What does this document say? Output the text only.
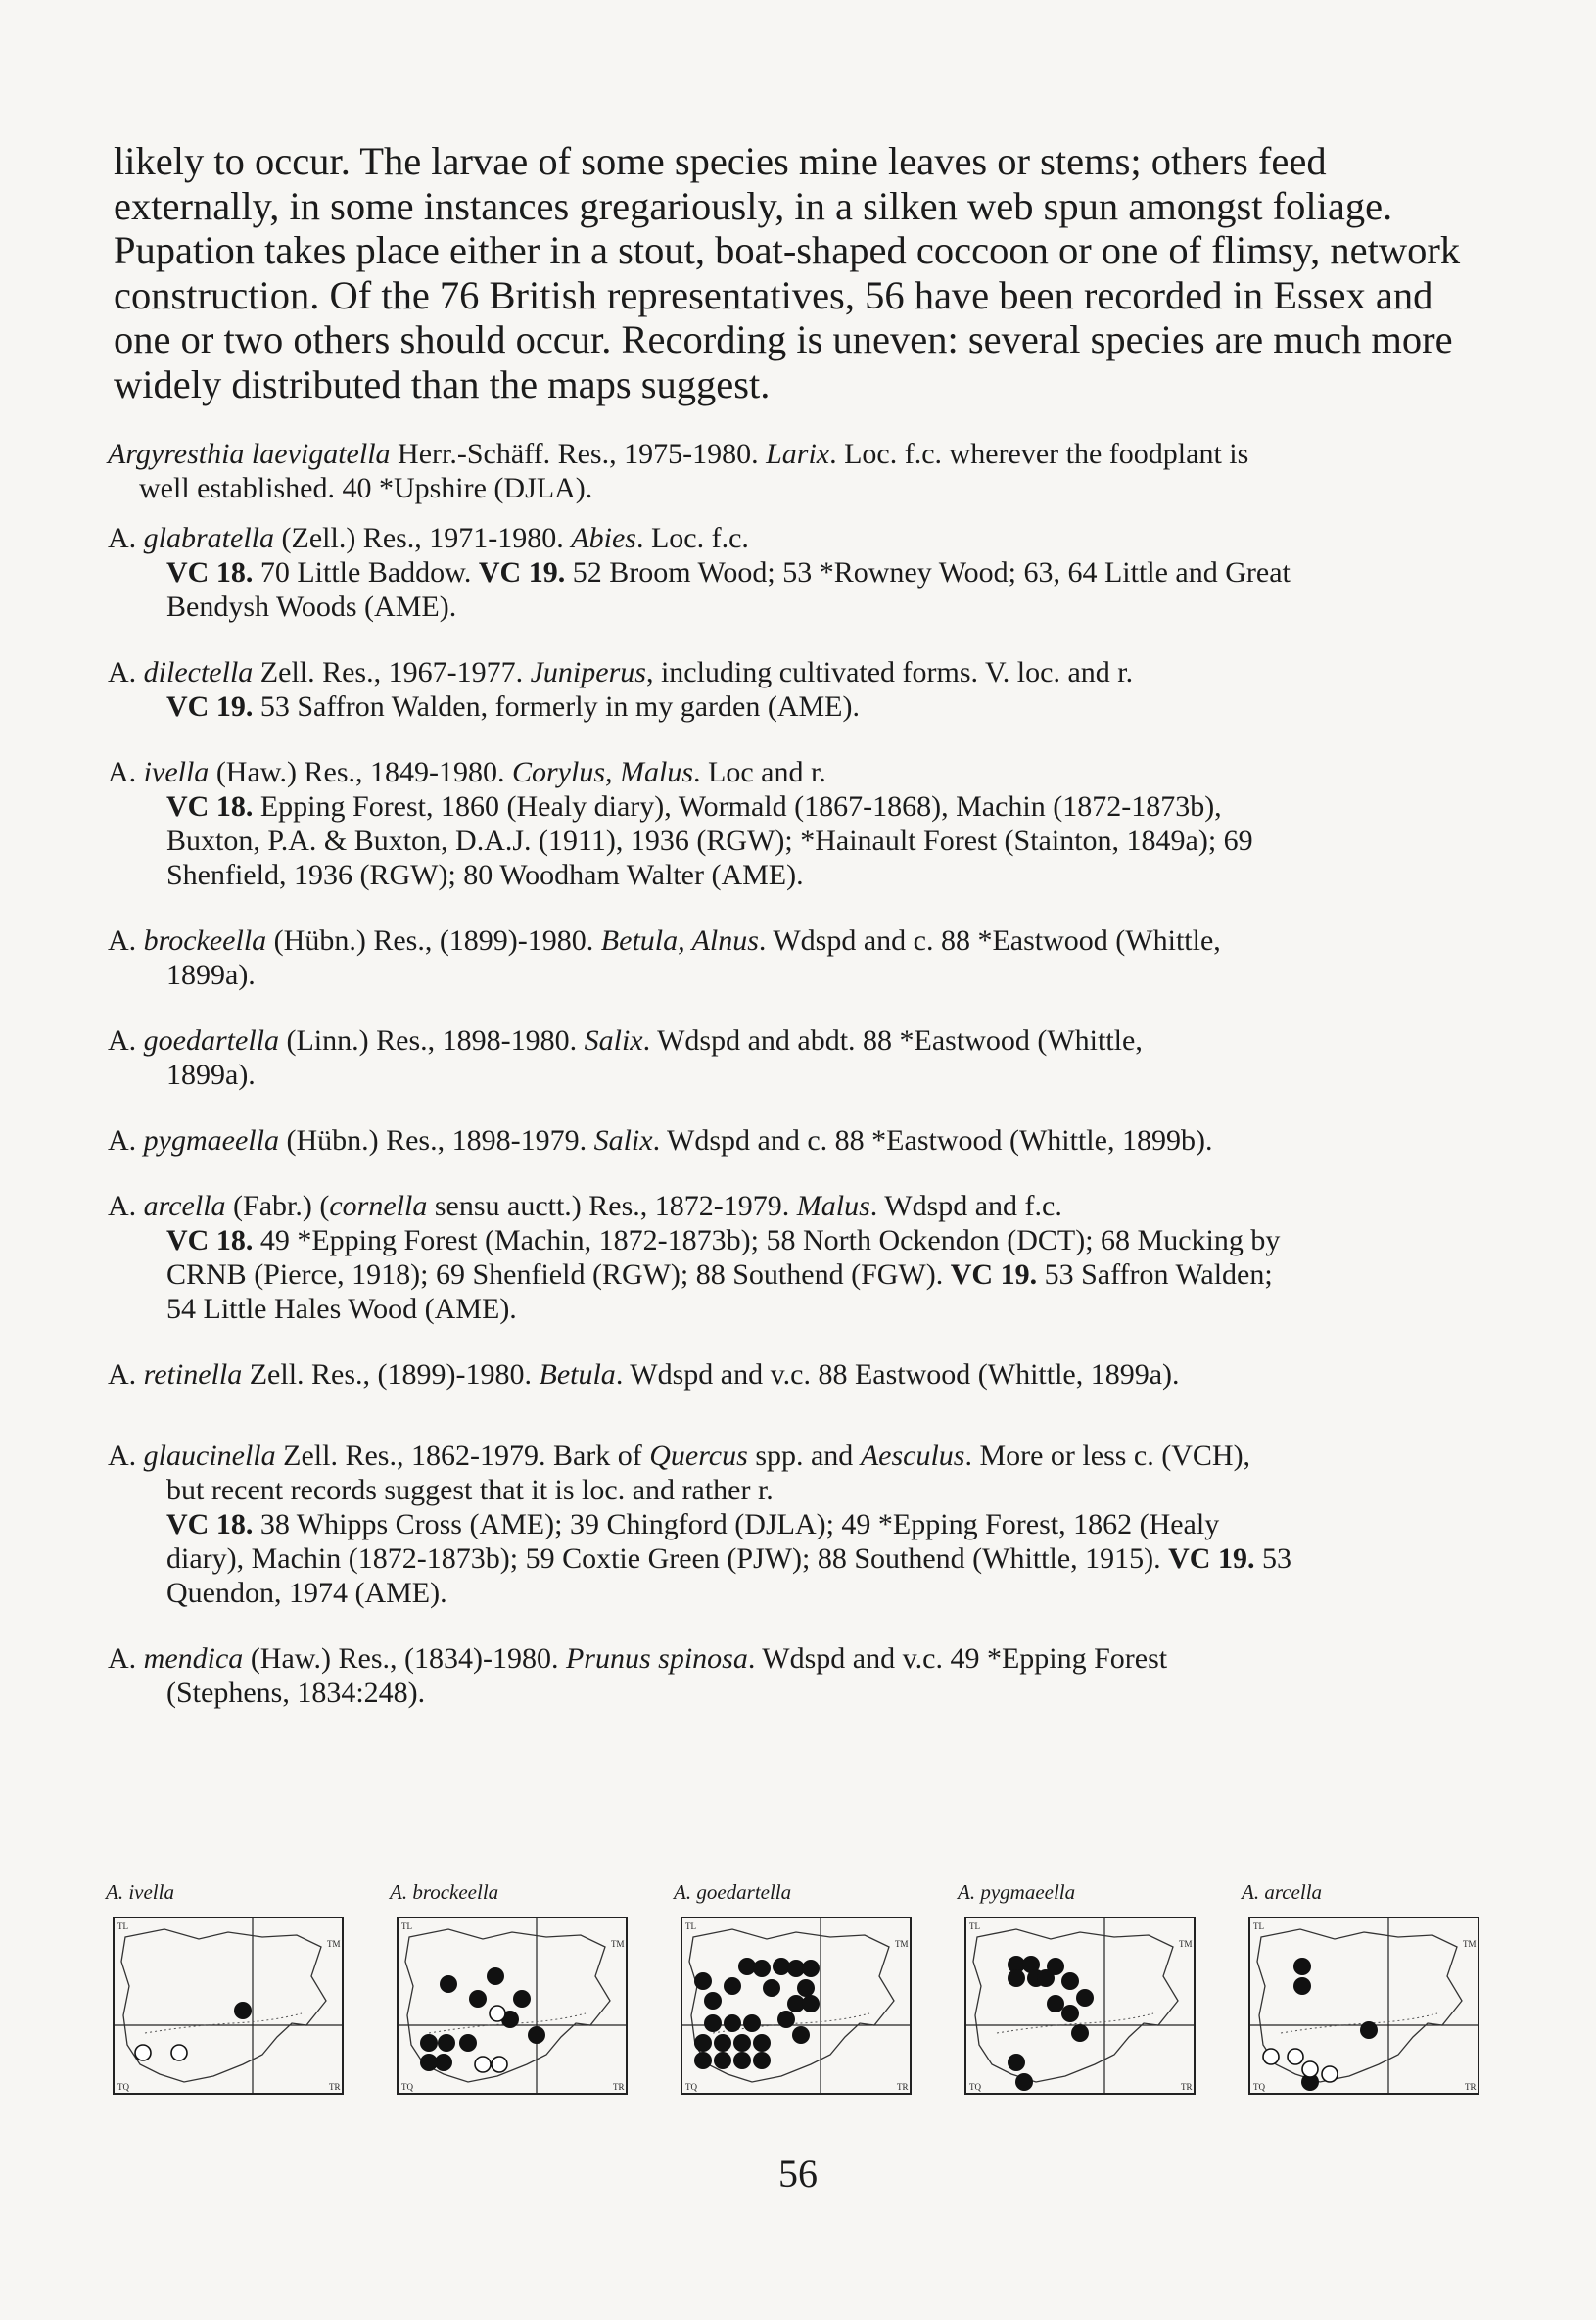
likely to occur. The larvae of some species mine leaves or stems; others feed externally, in some instances gregariously, in a silken web spun amongst foliage. Pupation takes place either in a stout, boat-shaped coccoon or one of flimsy, network construction. Of the 76 British representatives, 56 have been recorded in Essex and one or two others should occur. Recording is uneven: several species are much more widely distributed than the maps suggest.

Argyresthia laevigatella Herr.-Schäff. Res., 1975-1980. Larix. Loc. f.c. wherever the foodplant is
well established. 40 *Upshire (DJLA).

A. glabratella (Zell.) Res., 1971-1980. Abies. Loc. f.c.
VC 18. 70 Little Baddow. VC 19. 52 Broom Wood; 53 *Rowney Wood; 63, 64 Little and Great
Bendysh Woods (AME).

A. dilectella Zell. Res., 1967-1977. Juniperus, including cultivated forms. V. loc. and r.
VC 19. 53 Saffron Walden, formerly in my garden (AME).

A. ivella (Haw.) Res., 1849-1980. Corylus, Malus. Loc and r.
VC 18. Epping Forest, 1860 (Healy diary), Wormald (1867-1868), Machin (1872-1873b),
Buxton, P.A. & Buxton, D.A.J. (1911), 1936 (RGW); *Hainault Forest (Stainton, 1849a); 69
Shenfield, 1936 (RGW); 80 Woodham Walter (AME).

A. brockeella (Hübn.) Res., (1899)-1980. Betula, Alnus. Wdspd and c. 88 *Eastwood (Whittle,
1899a).

A. goedartella (Linn.) Res., 1898-1980. Salix. Wdspd and abdt. 88 *Eastwood (Whittle,
1899a).

A. pygmaeella (Hübn.) Res., 1898-1979. Salix. Wdspd and c. 88 *Eastwood (Whittle, 1899b).

A. arcella (Fabr.) (cornella sensu auctt.) Res., 1872-1979. Malus. Wdspd and f.c.
VC 18. 49 *Epping Forest (Machin, 1872-1873b); 58 North Ockendon (DCT); 68 Mucking by
CRNB (Pierce, 1918); 69 Shenfield (RGW); 88 Southend (FGW). VC 19. 53 Saffron Walden;
54 Little Hales Wood (AME).

A. retinella Zell. Res., (1899)-1980. Betula. Wdspd and v.c. 88 Eastwood (Whittle, 1899a).

A. glaucinella Zell. Res., 1862-1979. Bark of Quercus spp. and Aesculus. More or less c. (VCH),
but recent records suggest that it is loc. and rather r.
VC 18. 38 Whipps Cross (AME); 39 Chingford (DJLA); 49 *Epping Forest, 1862 (Healy
diary), Machin (1872-1873b); 59 Coxtie Green (PJW); 88 Southend (Whittle, 1915). VC 19. 53
Quendon, 1974 (AME).

A. mendica (Haw.) Res., (1834)-1980. Prunus spinosa. Wdspd and v.c. 49 *Epping Forest
(Stephens, 1834:248).

A. ivella
TL
TM
TQ	TR
A. brockeella
TL
TM
TQ	TR
A. goedartella
TL
TM
TQ	TR
A. pygmaeella
TL
TM
TQ	TR
A. arcella
TL
TM
TQ	TR
56
